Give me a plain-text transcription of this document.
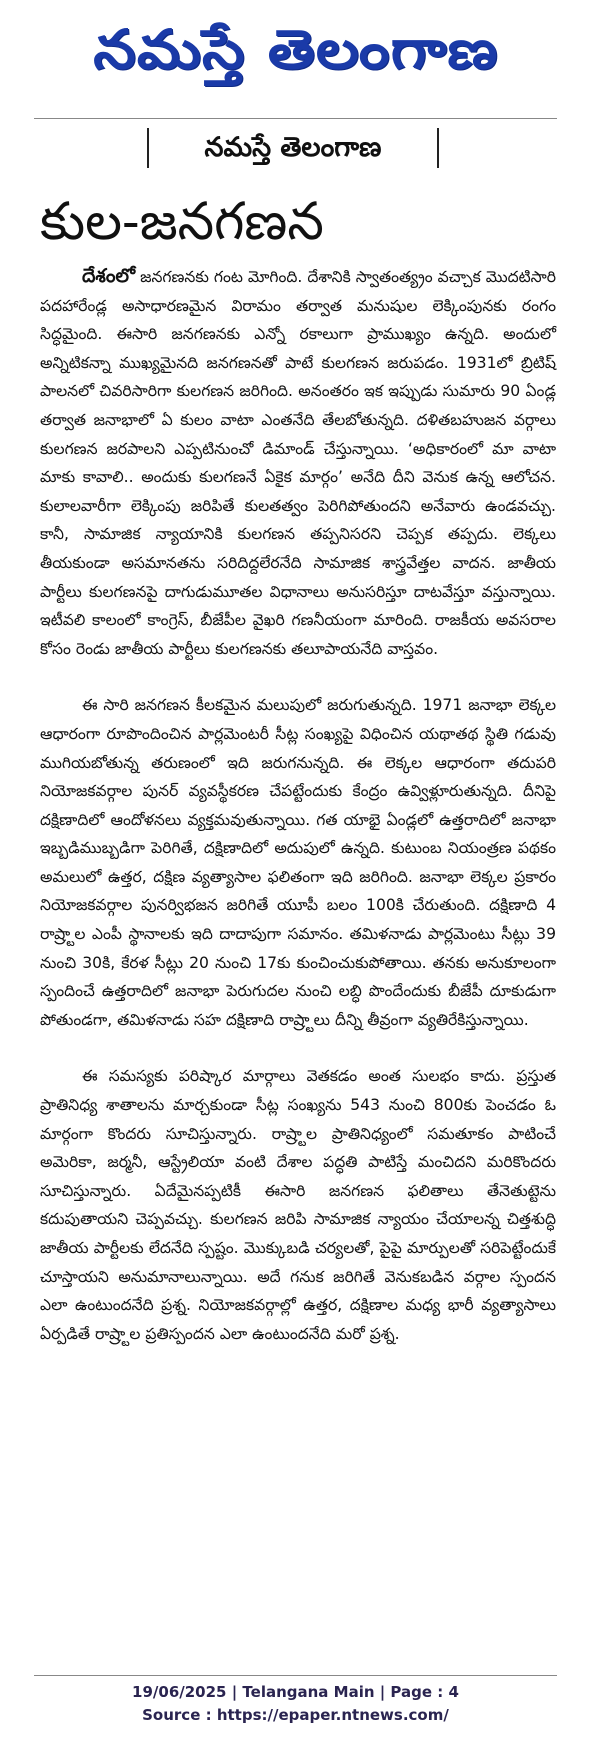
నమస్తే తెలంగాణ
నమస్తే తెలంగాణ
కుల-జనగణన

దేశంలో జనగణనకు గంట మోగింది. దేశానికి స్వాతంత్య్రం వచ్చాక మొదటిసారి పదహారేండ్ల అసాధారణమైన విరామం తర్వాత మనుషుల లెక్కింపునకు రంగం సిద్ధమైంది. ఈసారి జనగణనకు ఎన్నో రకాలుగా ప్రాముఖ్యం ఉన్నది. అందులో అన్నిటికన్నా ముఖ్యమైనది జనగణనతో పాటే కులగణన జరుపడం. 1931లో బ్రిటిష్ పాలనలో చివరిసారిగా కులగణన జరిగింది. అనంతరం ఇక ఇప్పుడు సుమారు 90 ఏండ్ల తర్వాత జనాభాలో ఏ కులం వాటా ఎంతనేది తేలబోతున్నది. దళితబహుజన వర్గాలు కులగణన జరపాలని ఎప్పటినుంచో డిమాండ్ చేస్తున్నాయి. ‘అధికారంలో మా వాటా మాకు కావాలి.. అందుకు కులగణనే ఏకైక మార్గం’ అనేది దీని వెనుక ఉన్న ఆలోచన. కులాలవారీగా లెక్కింపు జరిపితే కులతత్వం పెరిగిపోతుందని అనేవారు ఉండవచ్చు. కానీ, సామాజిక న్యాయానికి కులగణన తప్పనిసరని చెప్పక తప్పదు. లెక్కలు తీయకుండా అసమానతను సరిదిద్దలేరనేది సామాజిక శాస్త్రవేత్తల వాదన. జాతీయ పార్టీలు కులగణనపై దాగుడుమూతల విధానాలు అనుసరిస్తూ దాటవేస్తూ వస్తున్నాయి. ఇటీవలి కాలంలో కాంగ్రెస్, బీజేపీల వైఖరి గణనీయంగా మారింది. రాజకీయ అవసరాల కోసం రెండు జాతీయ పార్టీలు కులగణనకు తలూపాయనేది వాస్తవం.

ఈ సారి జనగణన కీలకమైన మలుపులో జరుగుతున్నది. 1971 జనాభా లెక్కల ఆధారంగా రూపొందించిన పార్లమెంటరీ సీట్ల సంఖ్యపై విధించిన యథాతథ స్థితి గడువు ముగియబోతున్న తరుణంలో ఇది జరుగనున్నది. ఈ లెక్కల ఆధారంగా తదుపరి నియోజకవర్గాల పునర్ వ్యవస్థీకరణ చేపట్టేందుకు కేంద్రం ఉవ్విళ్లూరుతున్నది. దీనిపై దక్షిణాదిలో ఆందోళనలు వ్యక్తమవుతున్నాయి. గత యాభై ఏండ్లలో ఉత్తరాదిలో జనాభా ఇబ్బడిముబ్బడిగా పెరిగితే, దక్షిణాదిలో అదుపులో ఉన్నది. కుటుంబ నియంత్రణ పథకం అమలులో ఉత్తర, దక్షిణ వ్యత్యాసాల ఫలితంగా ఇది జరిగింది. జనాభా లెక్కల ప్రకారం నియోజకవర్గాల పునర్విభజన జరిగితే యూపీ బలం 100కి చేరుతుంది. దక్షిణాది 4 రాష్ర్టాల ఎంపీ స్థానాలకు ఇది దాదాపుగా సమానం. తమిళనాడు పార్లమెంటు సీట్లు 39 నుంచి 30కి, కేరళ సీట్లు 20 నుంచి 17కు కుంచించుకుపోతాయి. తనకు అనుకూలంగా స్పందించే ఉత్తరాదిలో జనాభా పెరుగుదల నుంచి లబ్ధి పొందేందుకు బీజేపీ దూకుడుగా పోతుండగా, తమిళనాడు సహ దక్షిణాది రాష్ర్టాలు దీన్ని తీవ్రంగా వ్యతిరేకిస్తున్నాయి.

ఈ సమస్యకు పరిష్కార మార్గాలు వెతకడం అంత సులభం కాదు. ప్రస్తుత ప్రాతినిధ్య శాతాలను మార్చకుండా సీట్ల సంఖ్యను 543 నుంచి 800కు పెంచడం ఓ మార్గంగా కొందరు సూచిస్తున్నారు. రాష్ర్టాల ప్రాతినిధ్యంలో సమతూకం పాటించే అమెరికా, జర్మనీ, ఆస్ట్రేలియా వంటి దేశాల పద్ధతి పాటిస్తే మంచిదని మరికొందరు సూచిస్తున్నారు. ఏదేమైనప్పటికీ ఈసారి జనగణన ఫలితాలు తేనెతుట్టెను కదుపుతాయని చెప్పవచ్చు. కులగణన జరిపి సామాజిక న్యాయం చేయాలన్న చిత్తశుద్ధి జాతీయ పార్టీలకు లేదనేది స్పష్టం. మొక్కుబడి చర్యలతో, పైపై మార్పులతో సరిపెట్టేందుకే చూస్తాయని అనుమానాలున్నాయి. అదే గనుక జరిగితే వెనుకబడిన వర్గాల స్పందన ఎలా ఉంటుందనేది ప్రశ్న. నియోజకవర్గాల్లో ఉత్తర, దక్షిణాల మధ్య భారీ వ్యత్యాసాలు ఏర్పడితే రాష్ర్టాల ప్రతిస్పందన ఎలా ఉంటుందనేది మరో ప్రశ్న.

19/06/2025 | Telangana Main | Page : 4
Source : https://epaper.ntnews.com/
